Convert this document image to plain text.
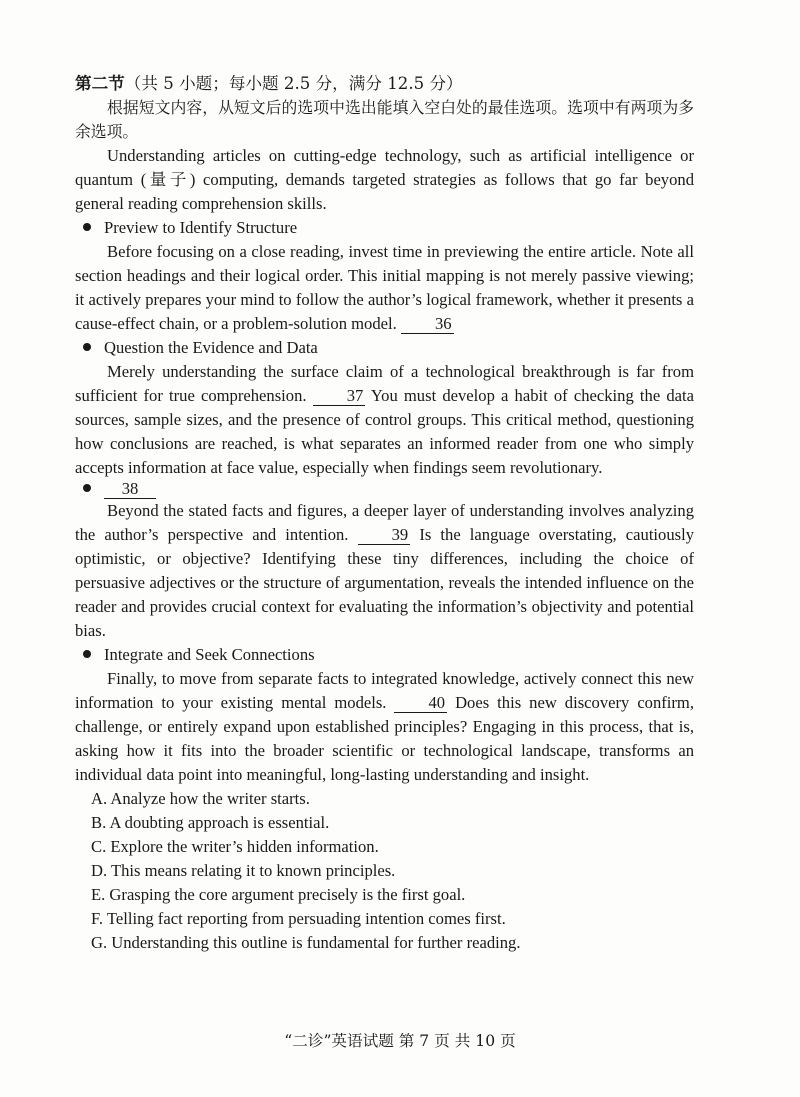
第二节（共 5 小题；每小题 2.5 分，满分 12.5 分）

根据短文内容，从短文后的选项中选出能填入空白处的最佳选项。选项中有两项为多余选项。

Understanding articles on cutting-edge technology, such as artificial intelligence or quantum (量子) computing, demands targeted strategies as follows that go far beyond general reading comprehension skills.

Preview to Identify Structure

Before focusing on a close reading, invest time in previewing the entire article. Note all section headings and their logical order. This initial mapping is not merely passive viewing; it actively prepares your mind to follow the author’s logical framework, whether it presents a cause-effect chain, or a problem-solution model. 36

Question the Evidence and Data

Merely understanding the surface claim of a technological breakthrough is far from sufficient for true comprehension. 37 You must develop a habit of checking the data sources, sample sizes, and the presence of control groups. This critical method, questioning how conclusions are reached, is what separates an informed reader from one who simply accepts information at face value, especially when findings seem revolutionary.

38

Beyond the stated facts and figures, a deeper layer of understanding involves analyzing the author’s perspective and intention.	39 Is the language overstating, cautiously optimistic, or objective? Identifying these tiny differences, including the choice of persuasive adjectives or the structure of argumentation, reveals the intended influence on the reader and provides crucial context for evaluating the information’s objectivity and potential bias.

Integrate and Seek Connections

Finally, to move from separate facts to integrated knowledge, actively connect this new information to your existing mental models.	40 Does this new discovery confirm, challenge, or entirely expand upon established principles? Engaging in this process, that is, asking how it fits into the broader scientific or technological landscape, transforms an individual data point into meaningful, long-lasting understanding and insight.

A. Analyze how the writer starts.

B. A doubting approach is essential.

C. Explore the writer’s hidden information.

D. This means relating it to known principles.

E. Grasping the core argument precisely is the first goal.

F. Telling fact reporting from persuading intention comes first.

G. Understanding this outline is fundamental for further reading.

“二诊”英语试题 第 7 页 共 10 页
